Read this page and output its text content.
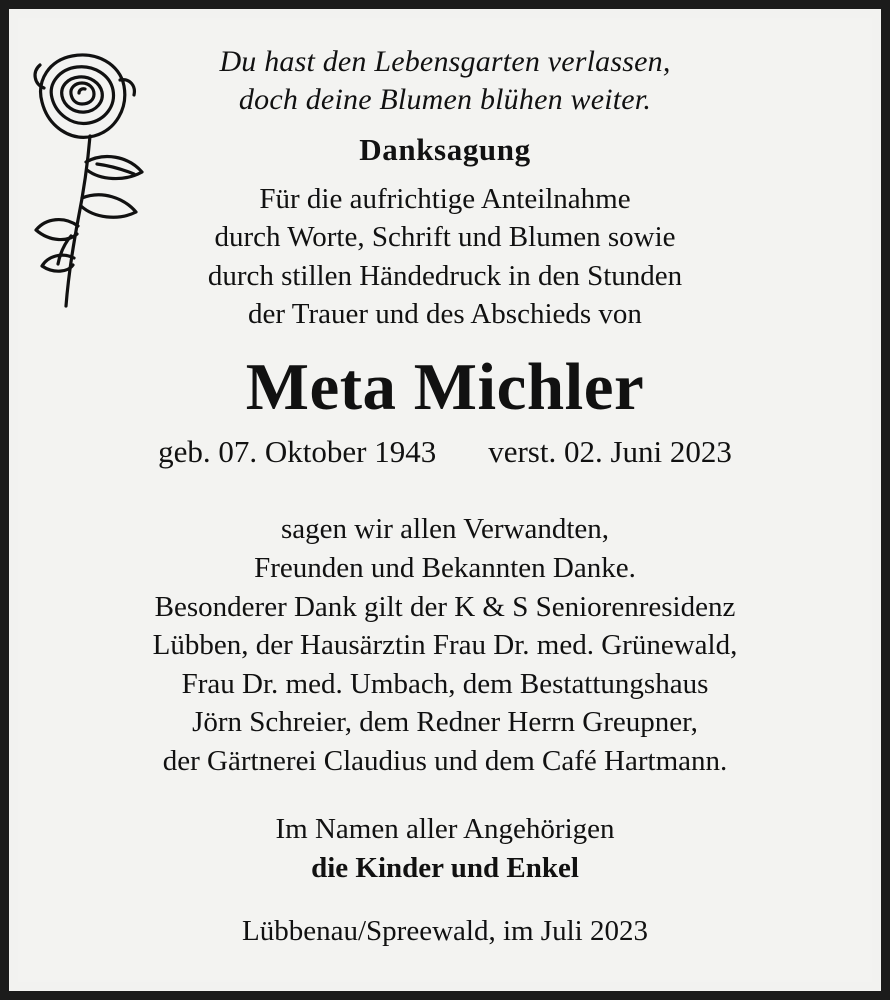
Du hast den Lebensgarten verlassen,
doch deine Blumen blühen weiter.
Danksagung
Für die aufrichtige Anteilnahme
durch Worte, Schrift und Blumen sowie
durch stillen Händedruck in den Stunden
der Trauer und des Abschieds von
Meta Michler
geb. 07. Oktober 1943 verst. 02. Juni 2023
sagen wir allen Verwandten,
Freunden und Bekannten Danke.
Besonderer Dank gilt der K & S Seniorenresidenz
Lübben, der Hausärztin Frau Dr. med. Grünewald,
Frau Dr. med. Umbach, dem Bestattungshaus
Jörn Schreier, dem Redner Herrn Greupner,
der Gärtnerei Claudius und dem Café Hartmann.
Im Namen aller Angehörigen
die Kinder und Enkel
Lübbenau/Spreewald, im Juli 2023
